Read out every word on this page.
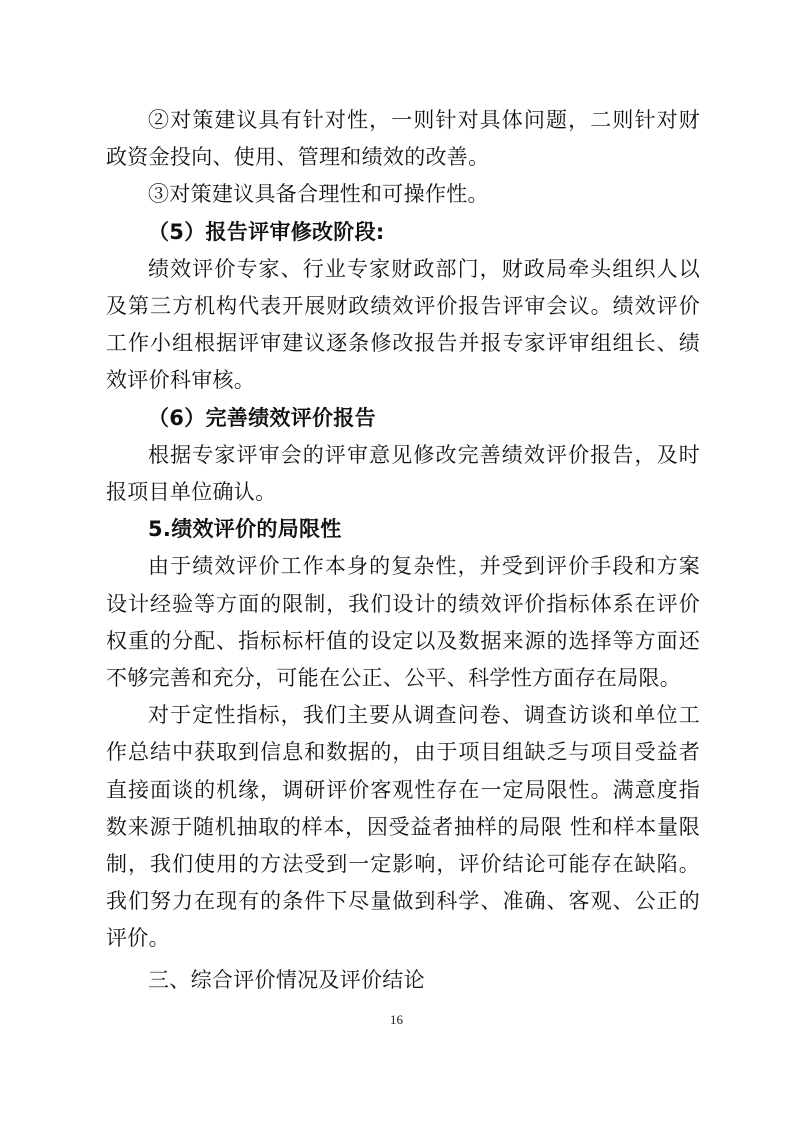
②对策建议具有针对性，一则针对具体问题，二则针对财政资金投向、使用、管理和绩效的改善。

③对策建议具备合理性和可操作性。

（5）报告评审修改阶段:

绩效评价专家、行业专家财政部门，财政局牵头组织人以及第三方机构代表开展财政绩效评价报告评审会议。绩效评价工作小组根据评审建议逐条修改报告并报专家评审组组长、绩效评价科审核。

（6）完善绩效评价报告

根据专家评审会的评审意见修改完善绩效评价报告，及时报项目单位确认。

5.绩效评价的局限性

由于绩效评价工作本身的复杂性，并受到评价手段和方案设计经验等方面的限制，我们设计的绩效评价指标体系在评价权重的分配、指标标杆值的设定以及数据来源的选择等方面还不够完善和充分，可能在公正、公平、科学性方面存在局限。

对于定性指标，我们主要从调查问卷、调查访谈和单位工作总结中获取到信息和数据的，由于项目组缺乏与项目受益者直接面谈的机缘，调研评价客观性存在一定局限性。满意度指数来源于随机抽取的样本，因受益者抽样的局限 性和样本量限制，我们使用的方法受到一定影响，评价结论可能存在缺陷。我们努力在现有的条件下尽量做到科学、准确、客观、公正的评价。

三、综合评价情况及评价结论

16
